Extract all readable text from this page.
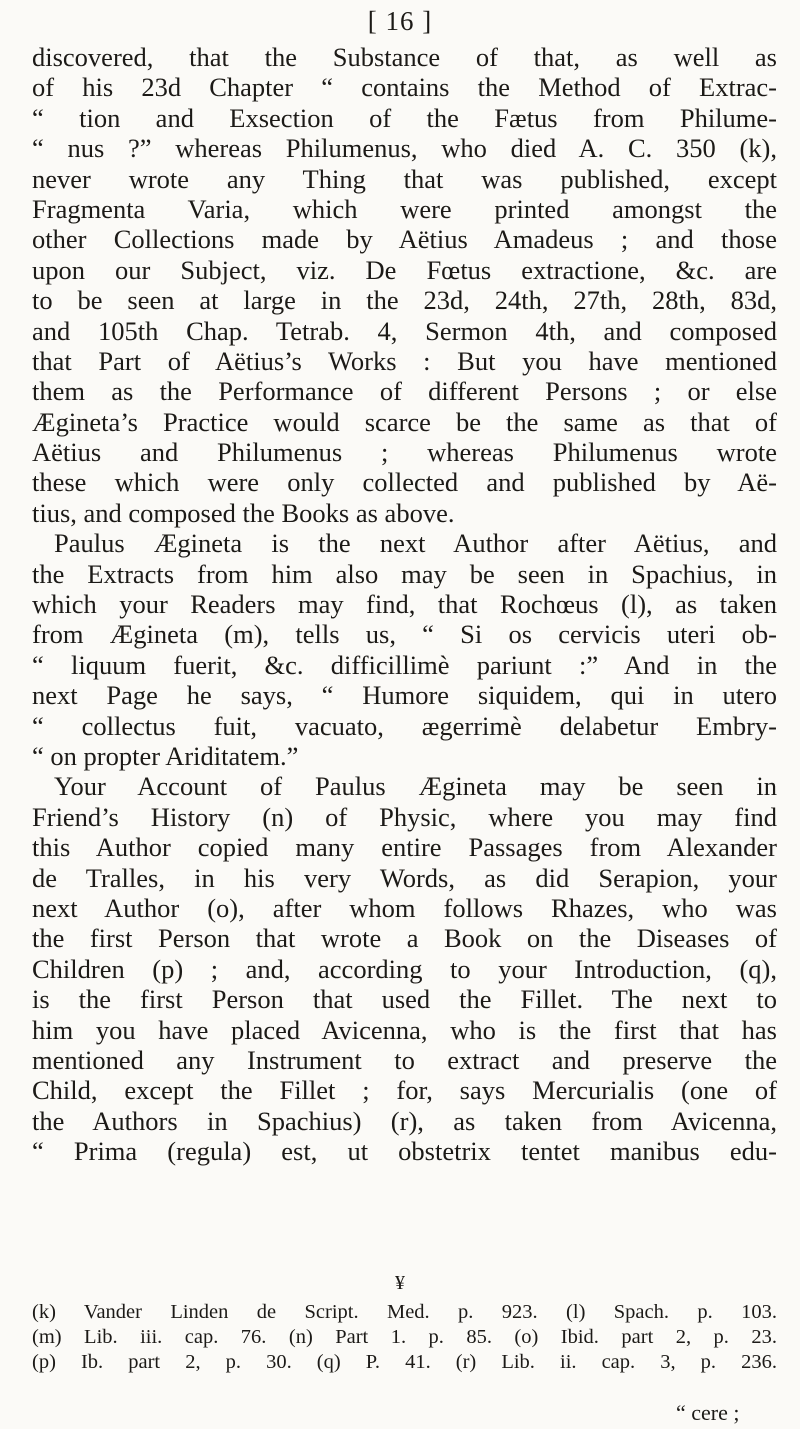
[ 16 ]
discovered, that the Substance of that, as well as
of his 23d Chapter “ contains the Method of Extrac-
“ tion and Exsection of the Fætus from Philume-
“ nus ?” whereas Philumenus, who died A. C. 350 (k),
never wrote any Thing that was published, except
Fragmenta Varia, which were printed amongst the
other Collections made by Aëtius Amadeus ; and those
upon our Subject, viz. De Fœtus extractione, &c. are
to be seen at large in the 23d, 24th, 27th, 28th, 83d,
and 105th Chap. Tetrab. 4, Sermon 4th, and composed
that Part of Aëtius’s Works : But you have mentioned
them as the Performance of different Persons ; or else
Ægineta’s Practice would scarce be the same as that of
Aëtius and Philumenus ; whereas Philumenus wrote
these which were only collected and published by Aë-
tius, and composed the Books as above.
Paulus Ægineta is the next Author after Aëtius, and
the Extracts from him also may be seen in Spachius, in
which your Readers may find, that Rochœus (l), as taken
from Ægineta (m), tells us, “ Si os cervicis uteri ob-
“ liquum fuerit, &c. difficillimè pariunt :” And in the
next Page he says, “ Humore siquidem, qui in utero
“ collectus fuit, vacuato, ægerrimè delabetur Embry-
“ on propter Ariditatem.”
Your Account of Paulus Ægineta may be seen in
Friend’s History (n) of Physic, where you may find
this Author copied many entire Passages from Alexander
de Tralles, in his very Words, as did Serapion, your
next Author (o), after whom follows Rhazes, who was
the first Person that wrote a Book on the Diseases of
Children (p) ; and, according to your Introduction, (q),
is the first Person that used the Fillet. The next to
him you have placed Avicenna, who is the first that has
mentioned any Instrument to extract and preserve the
Child, except the Fillet ; for, says Mercurialis (one of
the Authors in Spachius) (r), as taken from Avicenna,
“ Prima (regula) est, ut obstetrix tentet manibus edu-
¥
(k) Vander Linden de Script. Med. p. 923. (l) Spach. p. 103.
(m) Lib. iii. cap. 76. (n) Part 1. p. 85. (o) Ibid. part 2, p. 23.
(p) Ib. part 2, p. 30. (q) P. 41. (r) Lib. ii. cap. 3, p. 236.
“ cere ;
